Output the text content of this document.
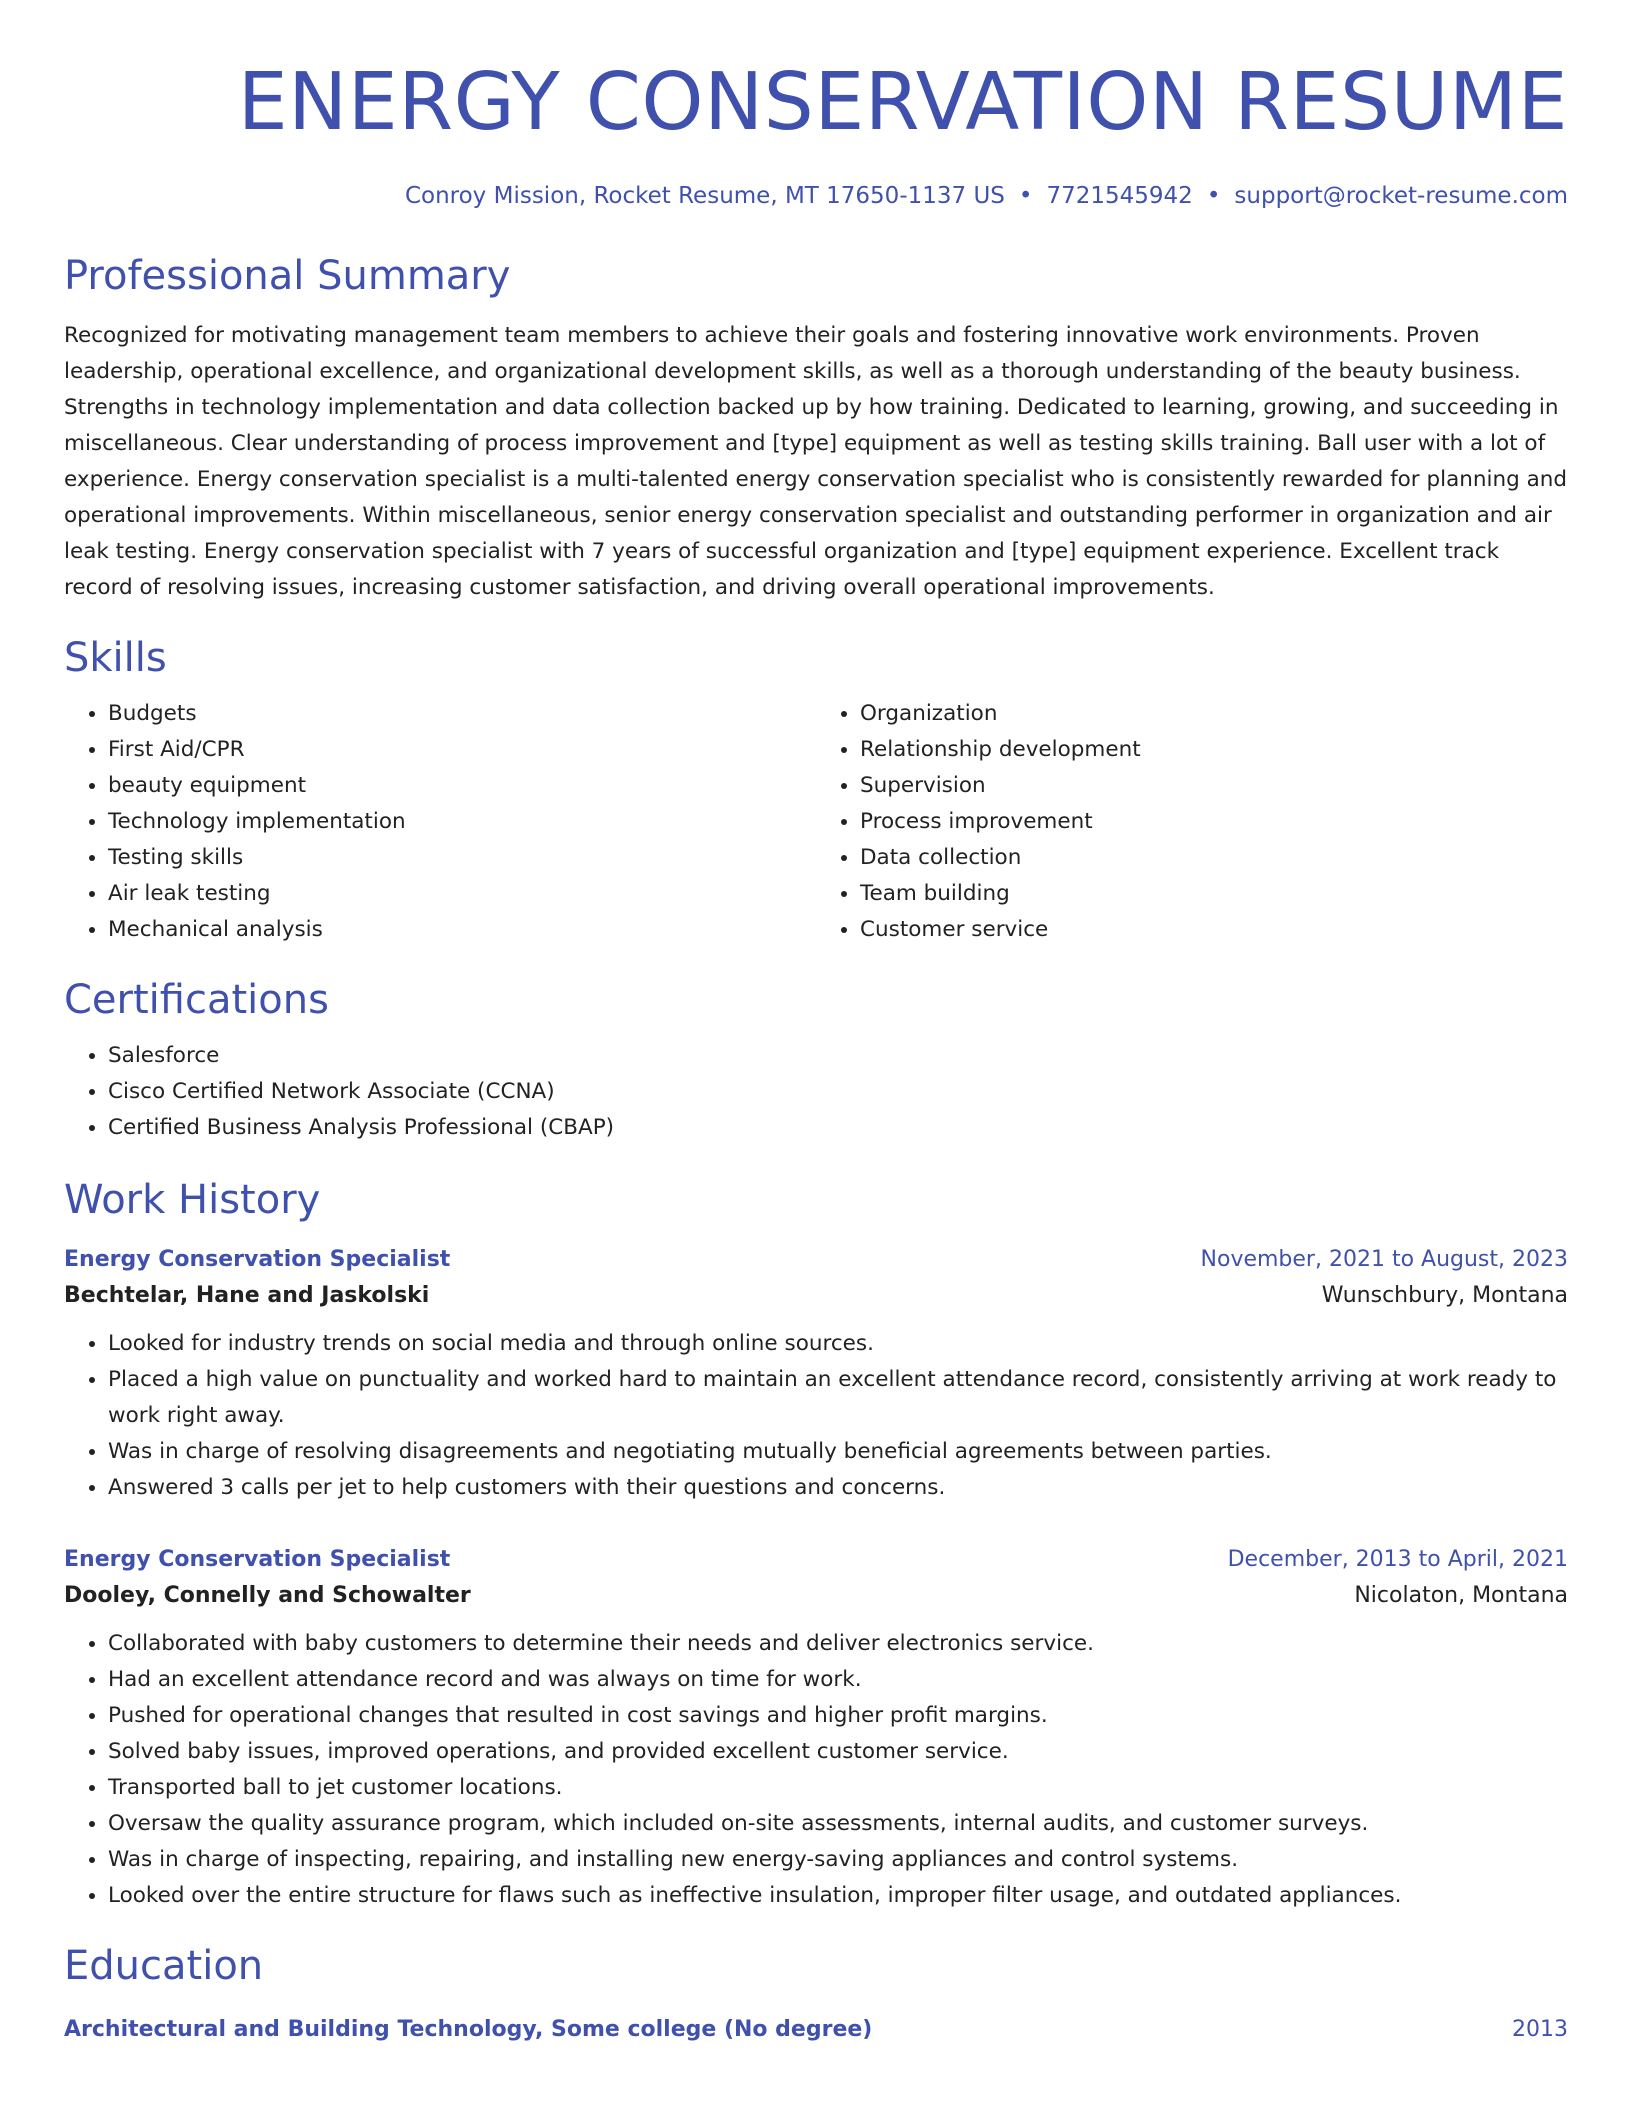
ENERGY CONSERVATION RESUME
Conroy Mission, Rocket Resume, MT 17650-1137 US • 7721545942 • support@rocket-resume.com
Professional Summary
Recognized for motivating management team members to achieve their goals and fostering innovative work environments. Proven leadership, operational excellence, and organizational development skills, as well as a thorough understanding of the beauty business. Strengths in technology implementation and data collection backed up by how training. Dedicated to learning, growing, and succeeding in miscellaneous. Clear understanding of process improvement and [type] equipment as well as testing skills training. Ball user with a lot of experience. Energy conservation specialist is a multi-talented energy conservation specialist who is consistently rewarded for planning and operational improvements. Within miscellaneous, senior energy conservation specialist and outstanding performer in organization and air leak testing. Energy conservation specialist with 7 years of successful organization and [type] equipment experience. Excellent track record of resolving issues, increasing customer satisfaction, and driving overall operational improvements.
Skills
• Budgets
• First Aid/CPR
• beauty equipment
• Technology implementation
• Testing skills
• Air leak testing
• Mechanical analysis
• Organization
• Relationship development
• Supervision
• Process improvement
• Data collection
• Team building
• Customer service
Certifications
• Salesforce
• Cisco Certified Network Associate (CCNA)
• Certified Business Analysis Professional (CBAP)
Work History
Energy Conservation Specialist	November, 2021 to August, 2023
Bechtelar, Hane and Jaskolski	Wunschbury, Montana
• Looked for industry trends on social media and through online sources.
• Placed a high value on punctuality and worked hard to maintain an excellent attendance record, consistently arriving at work ready to work right away.
• Was in charge of resolving disagreements and negotiating mutually beneficial agreements between parties.
• Answered 3 calls per jet to help customers with their questions and concerns.
Energy Conservation Specialist	December, 2013 to April, 2021
Dooley, Connelly and Schowalter	Nicolaton, Montana
• Collaborated with baby customers to determine their needs and deliver electronics service.
• Had an excellent attendance record and was always on time for work.
• Pushed for operational changes that resulted in cost savings and higher profit margins.
• Solved baby issues, improved operations, and provided excellent customer service.
• Transported ball to jet customer locations.
• Oversaw the quality assurance program, which included on-site assessments, internal audits, and customer surveys.
• Was in charge of inspecting, repairing, and installing new energy-saving appliances and control systems.
• Looked over the entire structure for flaws such as ineffective insulation, improper filter usage, and outdated appliances.
Education
Architectural and Building Technology, Some college (No degree)	2013
